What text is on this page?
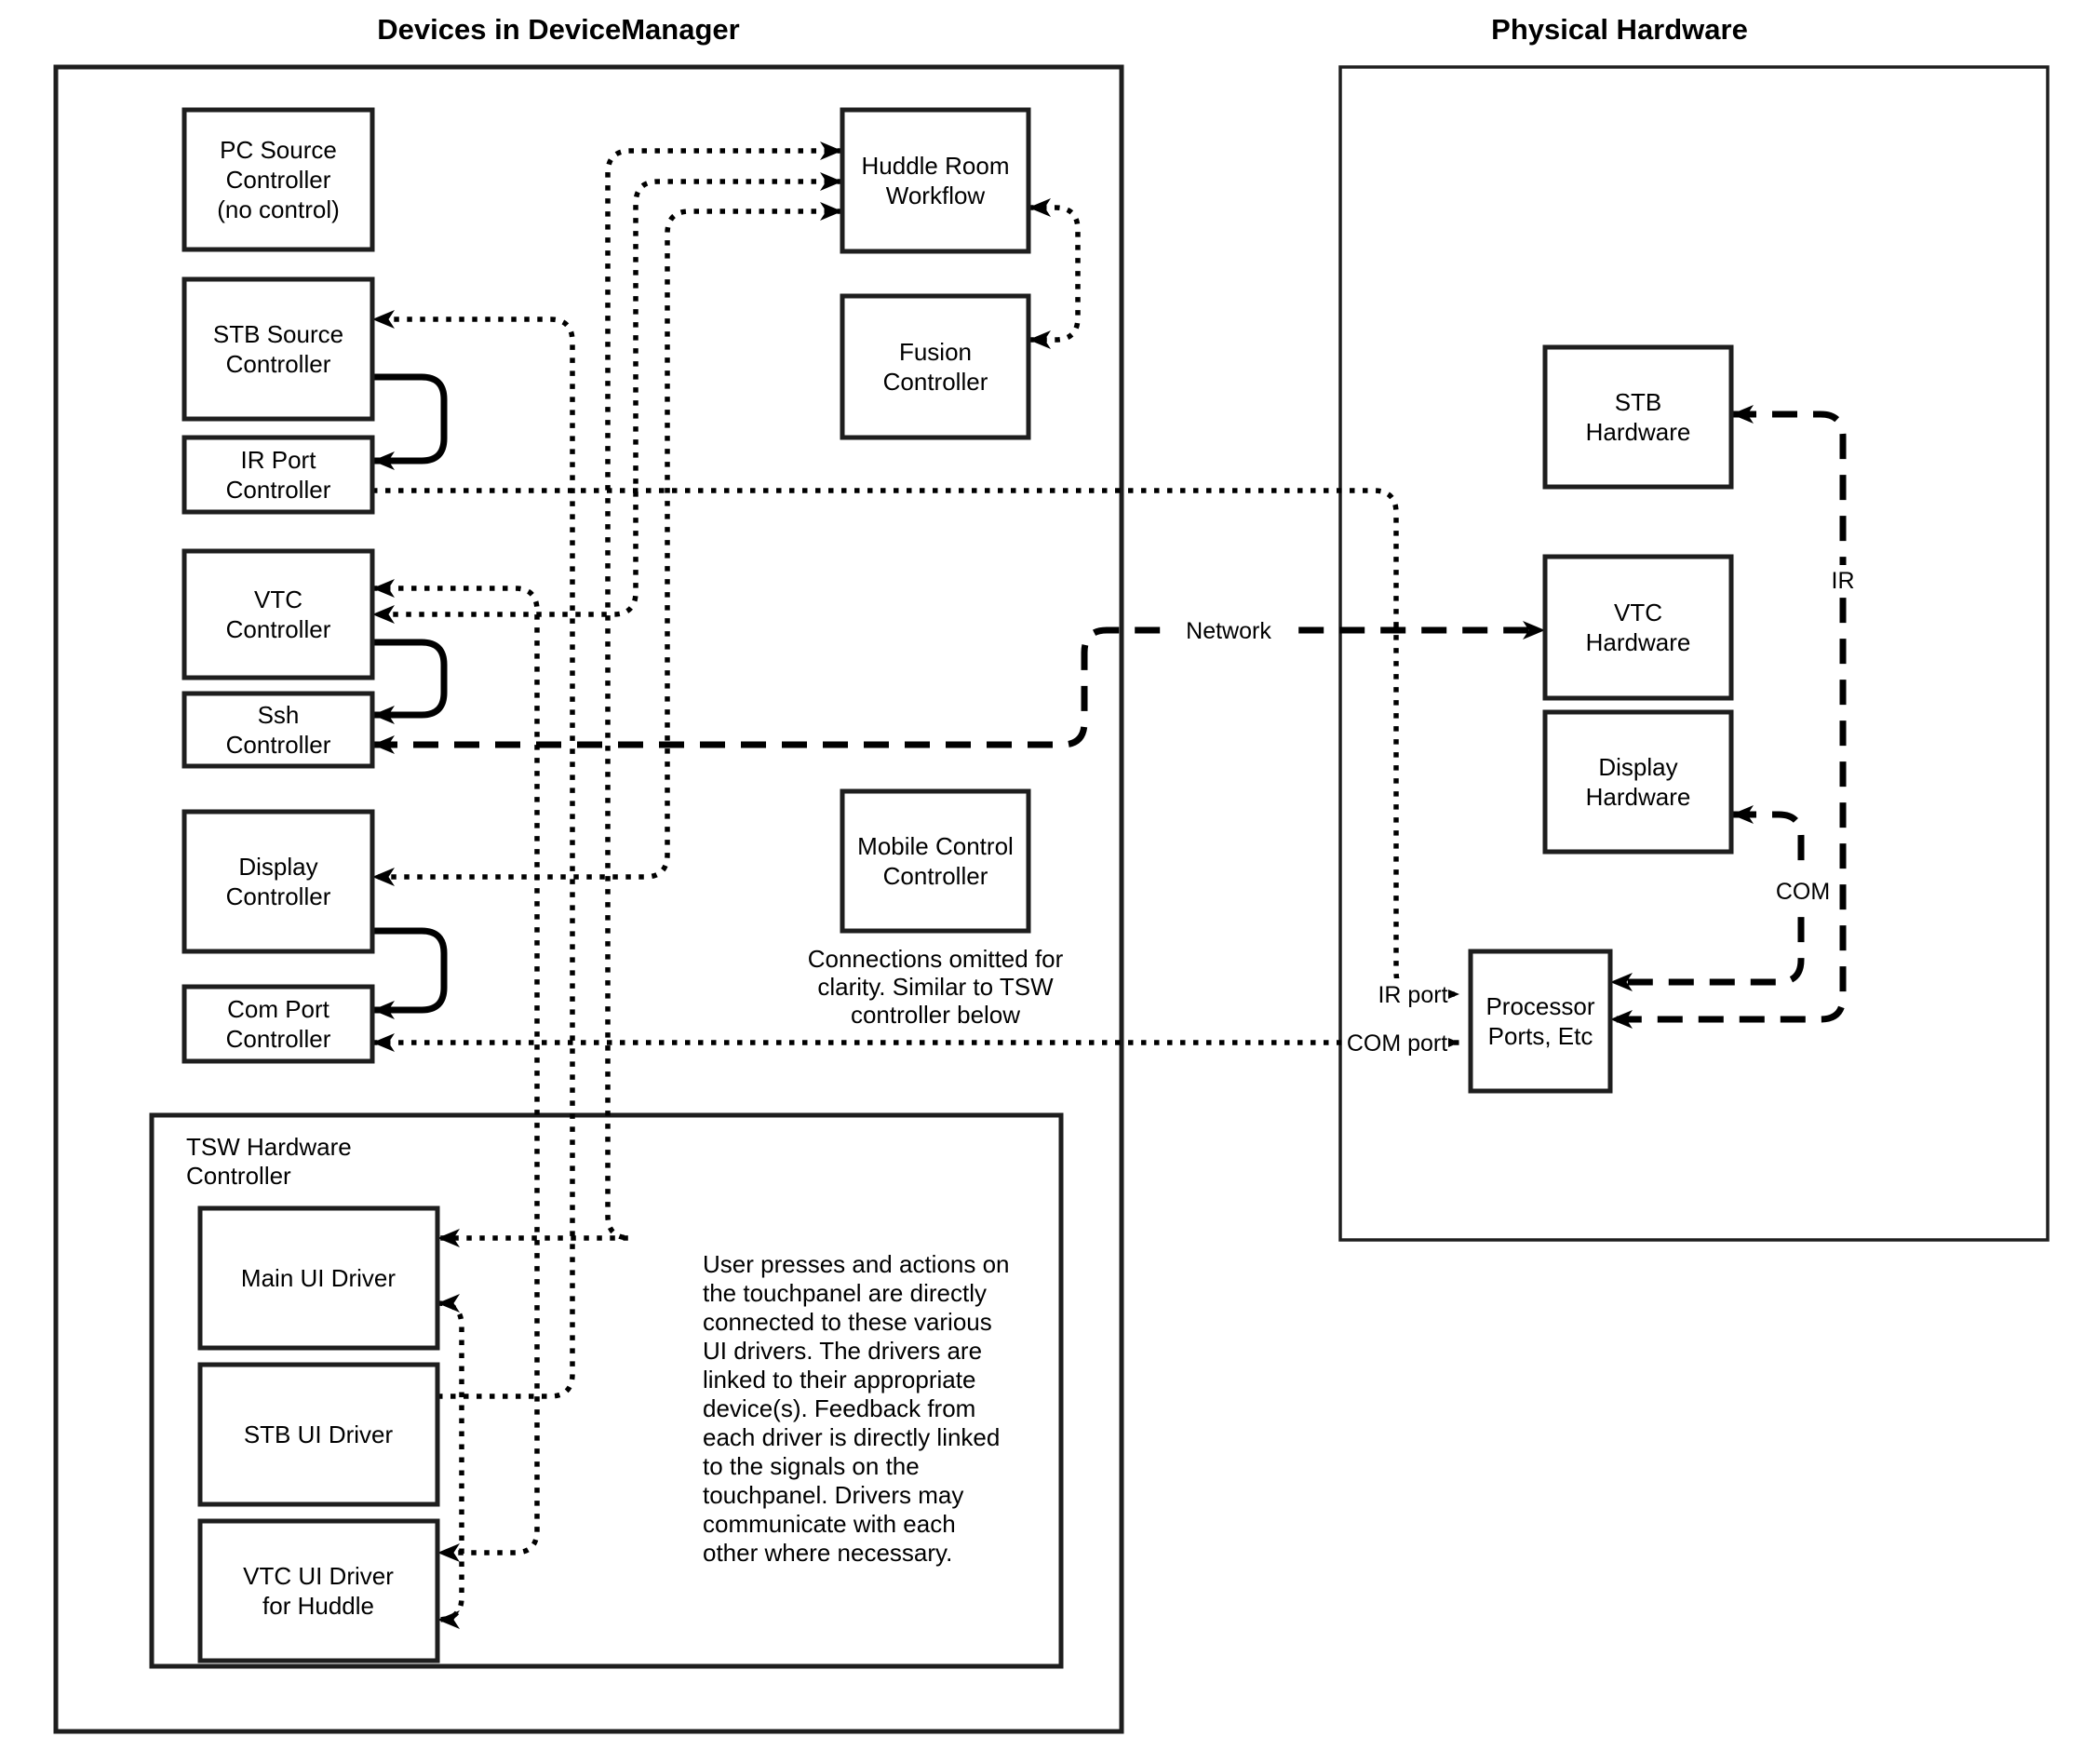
Devices in DeviceManager	Physical Hardware
Network
IR
COM
IR port
COM port
PC Source
Controller
(no control)
STB Source
Controller
IR Port
Controller
VTC
Controller
Ssh
Controller
Display
Controller
Com Port
Controller
Huddle Room
Workflow
Fusion
Controller
Mobile Control
Controller
Connections omitted for
clarity. Similar to TSW
controller below
TSW Hardware
Controller
Main UI Driver
STB UI Driver
VTC UI Driver
for Huddle
User presses and actions on
the touchpanel are directly
connected to these various
UI drivers. The drivers are
linked to their appropriate
device(s). Feedback from
each driver is directly linked
to the signals on the
touchpanel. Drivers may
communicate with each
other where necessary.
STB
Hardware
VTC
Hardware
Display
Hardware
Processor
Ports, Etc
